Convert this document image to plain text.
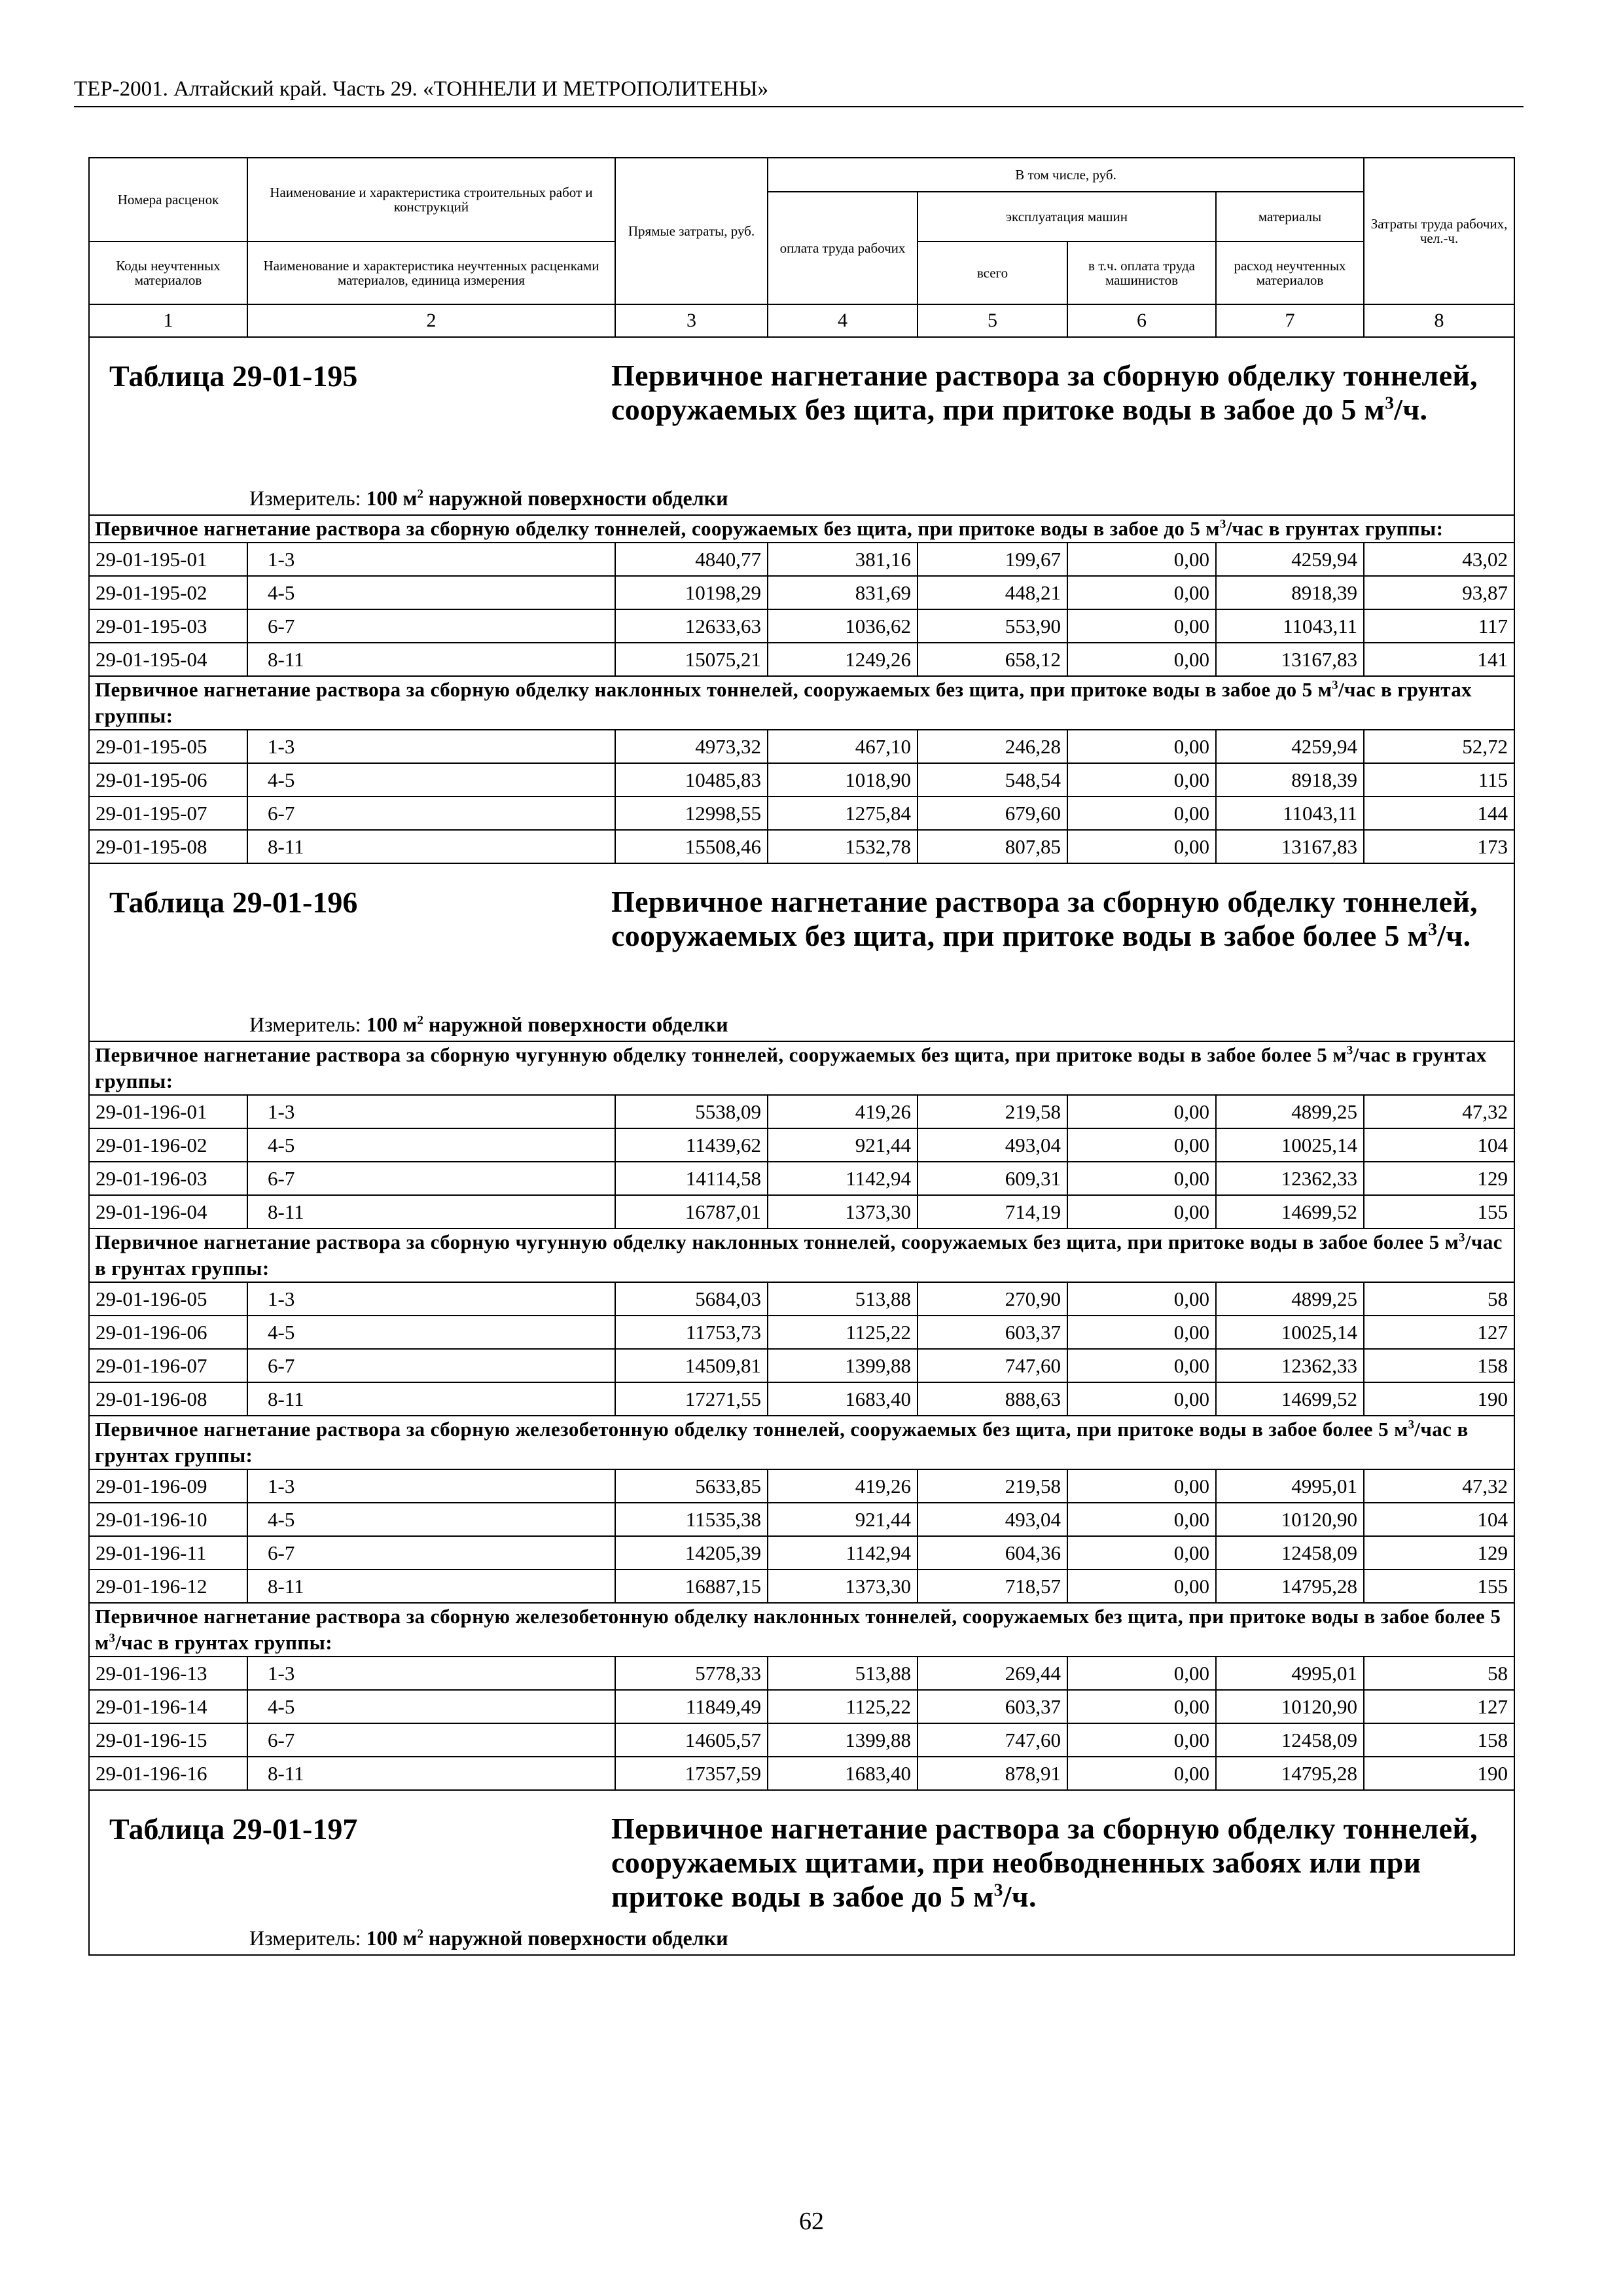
ТЕР-2001. Алтайский край. Часть 29. «ТОННЕЛИ И МЕТРОПОЛИТЕНЫ»
Номера расценок	Наименование и характеристика строительных работ и конструкций	Прямые затраты, руб.	В том числе, руб.				Затраты труда рабочих, чел.-ч.
			оплата труда рабочих	эксплуатация машин		материалы	
Коды неучтенных материалов	Наименование и характеристика неучтенных расценками материалов, единица измерения			всего	в т.ч. оплата труда машинистов	расход неучтенных материалов	
1	2	3	4	5	6	7	8

Таблица 29-01-195 Первичное нагнетание раствора за сборную обделку тоннелей, сооружаемых без щита, при притоке воды в забое до 5 $м^3/ч$.
Измеритель: 100 $м^2$ наружной поверхности обделки							

Первичное нагнетание раствора за сборную обделку тоннелей, сооружаемых без щита, при притоке воды в забое до 5 $м^3$/час в грунтах группы:							
29-01-195-01	1-3	4840,77	381,16	199,67	0,00	4259,94	43,02
29-01-195-02	4-5	10198,29	831,69	448,21	0,00	8918,39	93,87
29-01-195-03	6-7	12633,63	1036,62	553,90	0,00	11043,11	117
29-01-195-04	8-11	15075,21	1249,26	658,12	0,00	13167,83	141
Первичное нагнетание раствора за сборную обделку наклонных тоннелей, сооружаемых без щита, при притоке воды в забое до 5 $м^3$/час в грунтах группы:							
29-01-195-05	1-3	4973,32	467,10	246,28	0,00	4259,94	52,72
29-01-195-06	4-5	10485,83	1018,90	548,54	0,00	8918,39	115
29-01-195-07	6-7	12998,55	1275,84	679,60	0,00	11043,11	144
29-01-195-08	8-11	15508,46	1532,78	807,85	0,00	13167,83	173

Таблица 29-01-196 Первичное нагнетание раствора за сборную обделку тоннелей, сооружаемых без щита, при притоке воды в забое более 5 $м^3/ч$.
Измеритель: 100 $м^2$ наружной поверхности обделки							

Первичное нагнетание раствора за сборную чугунную обделку тоннелей, сооружаемых без щита, при притоке воды в забое более 5 $м^3$/час в грунтах группы:							
29-01-196-01	1-3	5538,09	419,26	219,58	0,00	4899,25	47,32
29-01-196-02	4-5	11439,62	921,44	493,04	0,00	10025,14	104
29-01-196-03	6-7	14114,58	1142,94	609,31	0,00	12362,33	129
29-01-196-04	8-11	16787,01	1373,30	714,19	0,00	14699,52	155
Первичное нагнетание раствора за сборную чугунную обделку наклонных тоннелей, сооружаемых без щита, при притоке воды в забое более 5 $м^3$/час в грунтах группы:							
29-01-196-05	1-3	5684,03	513,88	270,90	0,00	4899,25	58
29-01-196-06	4-5	11753,73	1125,22	603,37	0,00	10025,14	127
29-01-196-07	6-7	14509,81	1399,88	747,60	0,00	12362,33	158
29-01-196-08	8-11	17271,55	1683,40	888,63	0,00	14699,52	190
Первичное нагнетание раствора за сборную железобетонную обделку тоннелей, сооружаемых без щита, при притоке воды в забое более 5 $м^3$/час в грунтах группы:							
29-01-196-09	1-3	5633,85	419,26	219,58	0,00	4995,01	47,32
29-01-196-10	4-5	11535,38	921,44	493,04	0,00	10120,90	104
29-01-196-11	6-7	14205,39	1142,94	604,36	0,00	12458,09	129
29-01-196-12	8-11	16887,15	1373,30	718,57	0,00	14795,28	155
Первичное нагнетание раствора за сборную железобетонную обделку наклонных тоннелей, сооружаемых без щита, при притоке воды в забое более 5 $м^3$/час в грунтах группы:							
29-01-196-13	1-3	5778,33	513,88	269,44	0,00	4995,01	58
29-01-196-14	4-5	11849,49	1125,22	603,37	0,00	10120,90	127
29-01-196-15	6-7	14605,57	1399,88	747,60	0,00	12458,09	158
29-01-196-16	8-11	17357,59	1683,40	878,91	0,00	14795,28	190

Таблица 29-01-197 Первичное нагнетание раствора за сборную обделку тоннелей, сооружаемых щитами, при необводненных забоях или при притоке воды в забое до 5 $м^3/ч$.
Измеритель: 100 $м^2$ наружной поверхности обделки							
62
